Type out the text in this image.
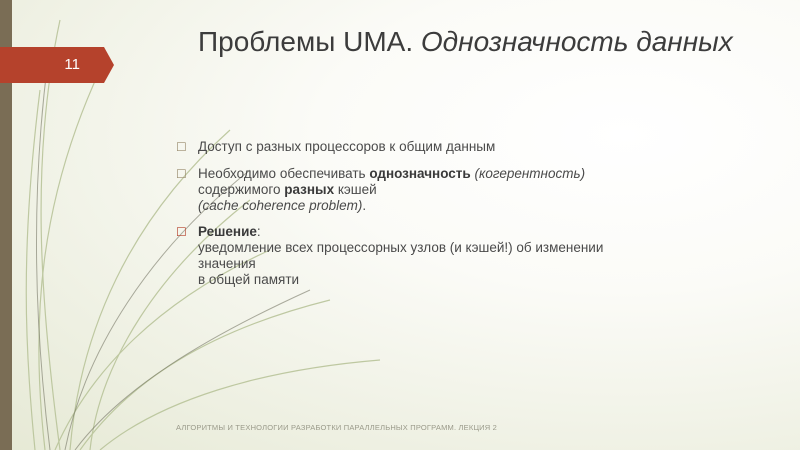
11
Проблемы UMA. Однозначность данных
☐ Доступ с разных процессоров к общим данным
☐ Необходимо обеспечивать однозначность (когерентность)
содержимого разных кэшей
(cache coherence problem).
☐ Решение:
уведомление всех процессорных узлов (и кэшей!) об изменении
значения
в общей памяти
АЛГОРИТМЫ И ТЕХНОЛОГИИ РАЗРАБОТКИ ПАРАЛЛЕЛЬНЫХ ПРОГРАММ. ЛЕКЦИЯ 2
